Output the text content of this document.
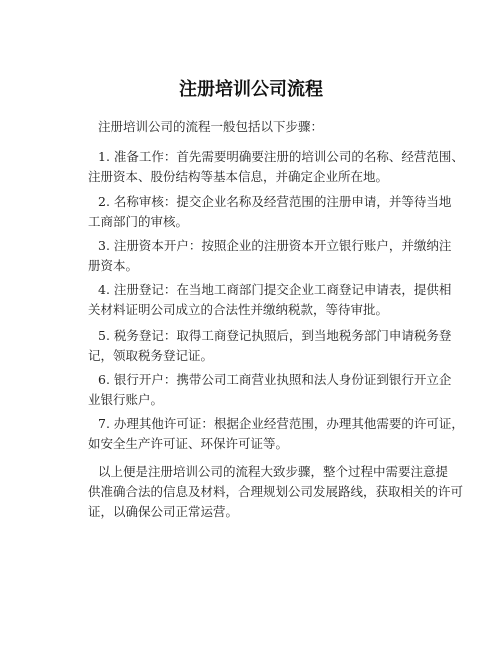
注册培训公司流程

注册培训公司的流程一般包括以下步骤：

1. 准备工作：首先需要明确要注册的培训公司的名称、经营范围、
注册资本、股份结构等基本信息，并确定企业所在地。

2. 名称审核：提交企业名称及经营范围的注册申请，并等待当地
工商部门的审核。

3. 注册资本开户：按照企业的注册资本开立银行账户，并缴纳注
册资本。

4. 注册登记：在当地工商部门提交企业工商登记申请表，提供相
关材料证明公司成立的合法性并缴纳税款，等待审批。

5. 税务登记：取得工商登记执照后，到当地税务部门申请税务登
记，领取税务登记证。

6. 银行开户：携带公司工商营业执照和法人身份证到银行开立企
业银行账户。

7. 办理其他许可证：根据企业经营范围，办理其他需要的许可证，
如安全生产许可证、环保许可证等。

以上便是注册培训公司的流程大致步骤，整个过程中需要注意提
供准确合法的信息及材料，合理规划公司发展路线，获取相关的许可
证，以确保公司正常运营。
